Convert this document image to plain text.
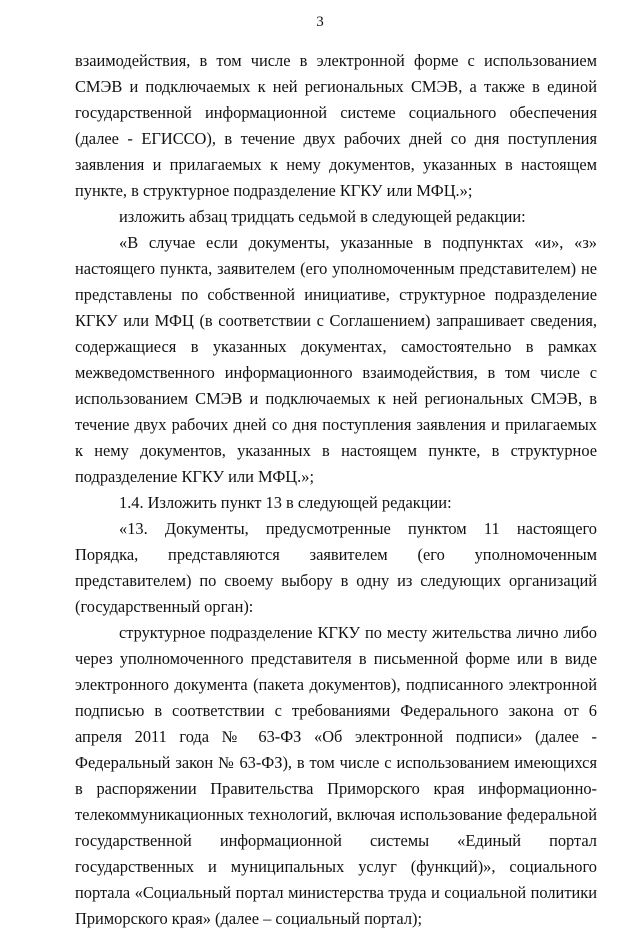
3

взаимодействия, в том числе в электронной форме с использованием СМЭВ и подключаемых к ней региональных СМЭВ, а также в единой государственной информационной системе социального обеспечения (далее - ЕГИССО), в течение двух рабочих дней со дня поступления заявления и прилагаемых к нему документов, указанных в настоящем пункте, в структурное подразделение КГКУ или МФЦ.»;

изложить абзац тридцать седьмой в следующей редакции:

«В случае если документы, указанные в подпунктах «и», «з» настоящего пункта, заявителем (его уполномоченным представителем) не представлены по собственной инициативе, структурное подразделение КГКУ или МФЦ (в соответствии с Соглашением) запрашивает сведения, содержащиеся в указанных документах, самостоятельно в рамках межведомственного информационного взаимодействия, в том числе с использованием СМЭВ и подключаемых к ней региональных СМЭВ, в течение двух рабочих дней со дня поступления заявления и прилагаемых к нему документов, указанных в настоящем пункте, в структурное подразделение КГКУ или МФЦ.»;

1.4. Изложить пункт 13 в следующей редакции:

«13. Документы, предусмотренные пунктом 11 настоящего Порядка, представляются заявителем (его уполномоченным представителем) по своему выбору в одну из следующих организаций (государственный орган):

структурное подразделение КГКУ по месту жительства лично либо через уполномоченного представителя в письменной форме или в виде электронного документа (пакета документов), подписанного электронной подписью в соответствии с требованиями Федерального закона от 6 апреля 2011 года № 63-ФЗ «Об электронной подписи» (далее - Федеральный закон № 63-ФЗ), в том числе с использованием имеющихся в распоряжении Правительства Приморского края информационно-телекоммуникационных технологий, включая использование федеральной государственной информационной системы «Единый портал государственных и муниципальных услуг (функций)», социального портала «Социальный портал министерства труда и социальной политики Приморского края» (далее – социальный портал);
